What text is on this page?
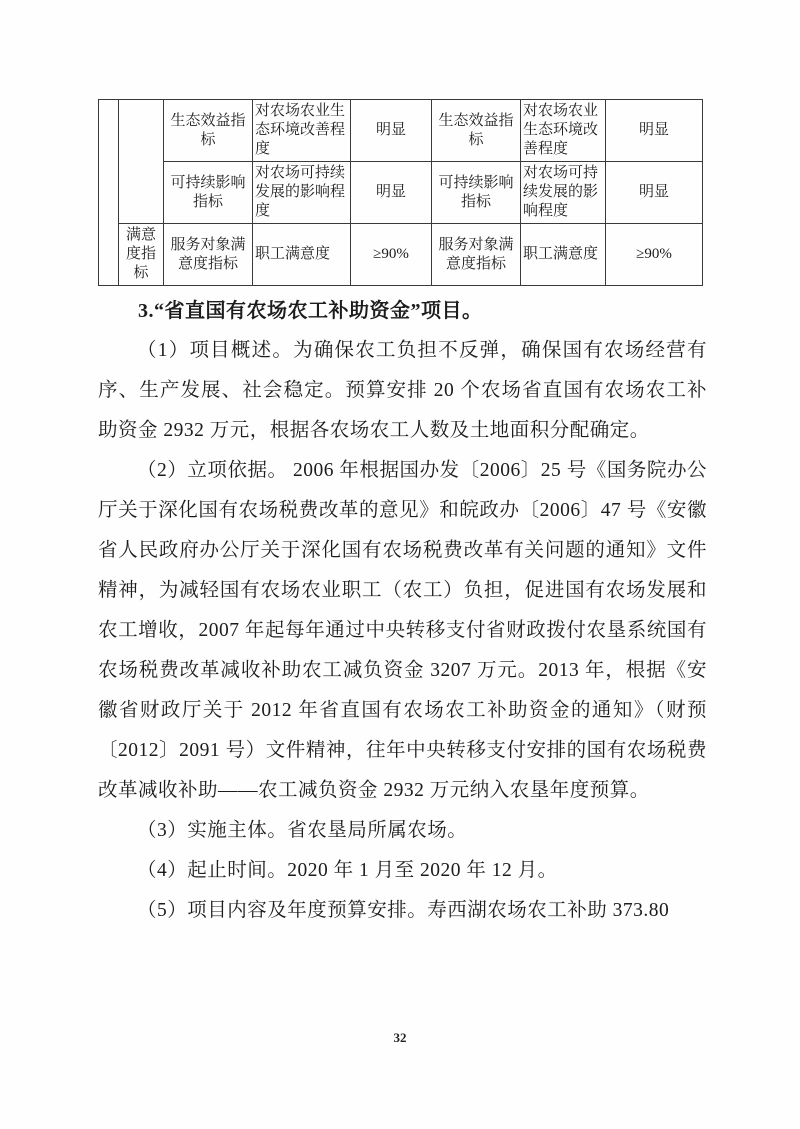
		生态效益指标	对农场农业生态环境改善程度	明显	生态效益指标	对农场农业生态环境改善程度	明显
		可持续影响指标	对农场可持续发展的影响程度	明显	可持续影响指标	对农场可持续发展的影响程度	明显
	满意度指标	服务对象满意度指标	职工满意度	≥90%	服务对象满意度指标	职工满意度	≥90%
3.“省直国有农场农工补助资金”项目。

（1）项目概述。为确保农工负担不反弹，确保国有农场经营有序、生产发展、社会稳定。预算安排 20 个农场省直国有农场农工补助资金 2932 万元，根据各农场农工人数及土地面积分配确定。

（2）立项依据。 2006 年根据国办发〔2006〕25 号《国务院办公厅关于深化国有农场税费改革的意见》和皖政办〔2006〕47 号《安徽省人民政府办公厅关于深化国有农场税费改革有关问题的通知》文件精神，为减轻国有农场农业职工（农工）负担，促进国有农场发展和农工增收，2007 年起每年通过中央转移支付省财政拨付农垦系统国有农场税费改革减收补助农工减负资金 3207 万元。2013 年，根据《安徽省财政厅关于 2012 年省直国有农场农工补助资金的通知》（财预〔2012〕2091 号）文件精神，往年中央转移支付安排的国有农场税费改革减收补助——农工减负资金 2932 万元纳入农垦年度预算。

（3）实施主体。省农垦局所属农场。

（4）起止时间。2020 年 1 月至 2020 年 12 月。

（5）项目内容及年度预算安排。寿西湖农场农工补助 373.80

32
